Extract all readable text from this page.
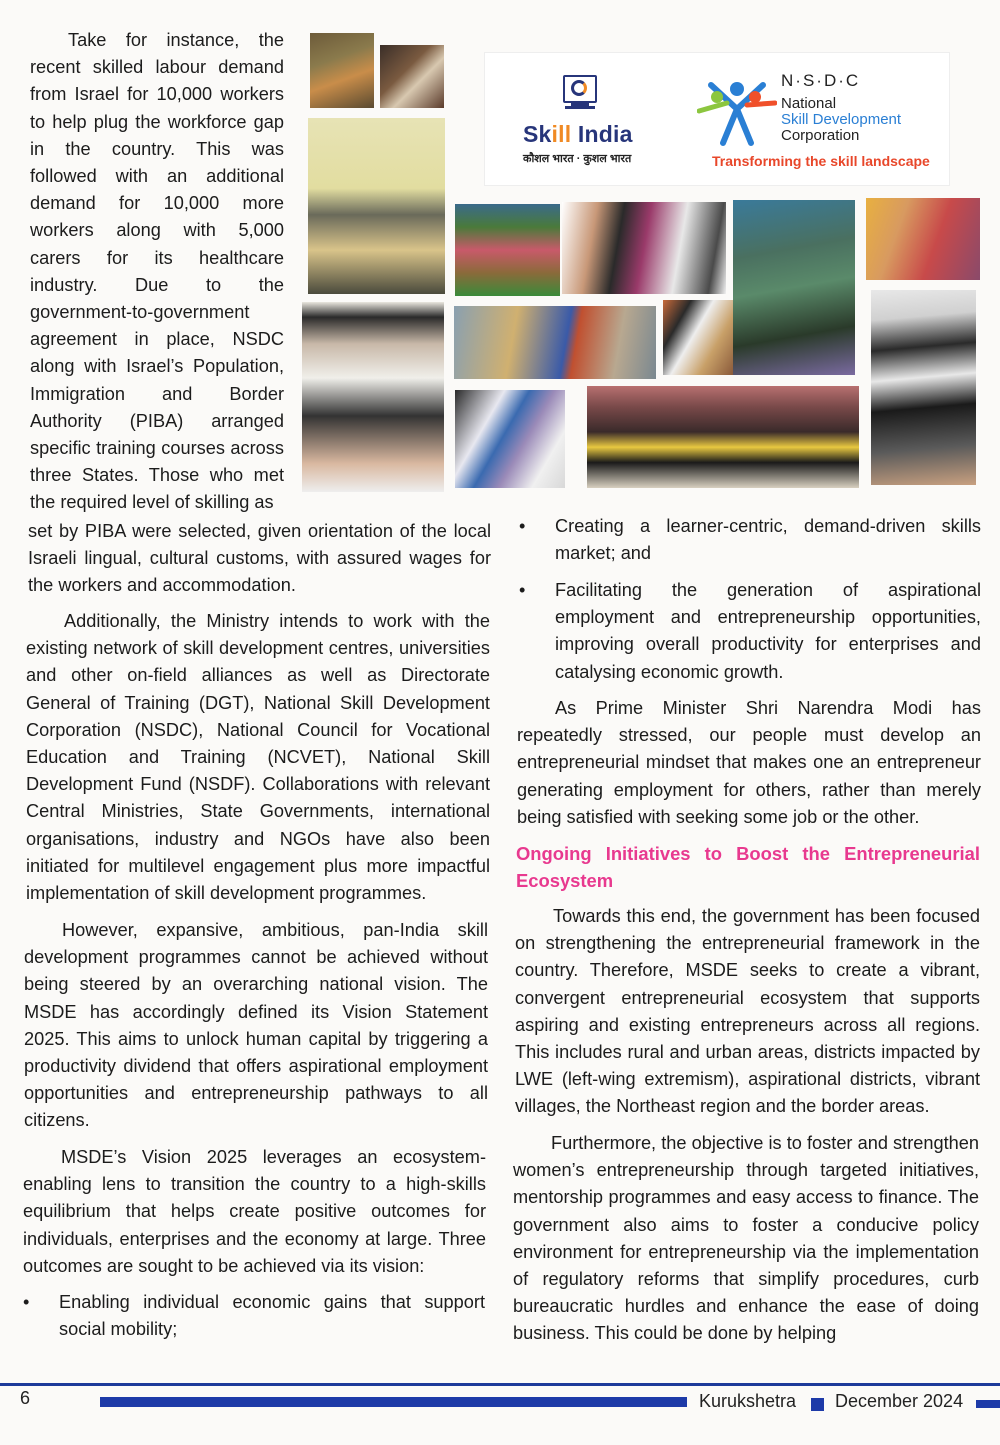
Take for instance, the recent skilled labour demand from Israel for 10,000 workers to help plug the workforce gap in the country. This was followed with an additional demand for 10,000 more workers along with 5,000 carers for its healthcare industry. Due to the government-to-government agreement in place, NSDC along with Israel’s Population, Immigration and Border Authority (PIBA) arranged specific training courses across three States. Those who met the required level of skilling as

set by PIBA were selected, given orientation of the local Israeli lingual, cultural customs, with assured wages for the workers and accommodation.

Additionally, the Ministry intends to work with the existing network of skill development centres, universities and other on-field alliances as well as Directorate General of Training (DGT), National Skill Development Corporation (NSDC), National Council for Vocational Education and Training (NCVET), National Skill Development Fund (NSDF). Collaborations with relevant Central Ministries, State Governments, international organisations, industry and NGOs have also been initiated for multilevel engagement plus more impactful implementation of skill development programmes.

However, expansive, ambitious, pan-India skill development programmes cannot be achieved without being steered by an overarching national vision. The MSDE has accordingly defined its Vision Statement 2025. This aims to unlock human capital by triggering a productivity dividend that offers aspirational employment opportunities and entrepreneurship pathways to all citizens.

MSDE’s Vision 2025 leverages an ecosystem-enabling lens to transition the country to a high-skills equilibrium that helps create positive outcomes for individuals, enterprises and the economy at large. Three outcomes are sought to be achieved via its vision:

•	Enabling individual economic gains that support social mobility;
Skill India
कौशल भारत · कुशल भारत
N·S·D·C
National
Skill Development
Corporation
Transforming the skill landscape
•	Creating a learner-centric, demand-driven skills market; and
•	Facilitating the generation of aspirational employment and entrepreneurship opportunities, improving overall productivity for enterprises and catalysing economic growth.

As Prime Minister Shri Narendra Modi has repeatedly stressed, our people must develop an entrepreneurial mindset that makes one an entrepreneur generating employment for others, rather than merely being satisfied with seeking some job or the other.

Ongoing Initiatives to Boost the Entrepreneurial Ecosystem

Towards this end, the government has been focused on strengthening the entrepreneurial framework in the country. Therefore, MSDE seeks to create a vibrant, convergent entrepreneurial ecosystem that supports aspiring and existing entrepreneurs across all regions. This includes rural and urban areas, districts impacted by LWE (left-wing extremism), aspirational districts, vibrant villages, the Northeast region and the border areas.

Furthermore, the objective is to foster and strengthen women’s entrepreneurship through targeted initiatives, mentorship programmes and easy access to finance. The government also aims to foster a conducive policy environment for entrepreneurship via the implementation of regulatory reforms that simplify procedures, curb bureaucratic hurdles and enhance the ease of doing business. This could be done by helping

6	Kurukshetra December 2024
